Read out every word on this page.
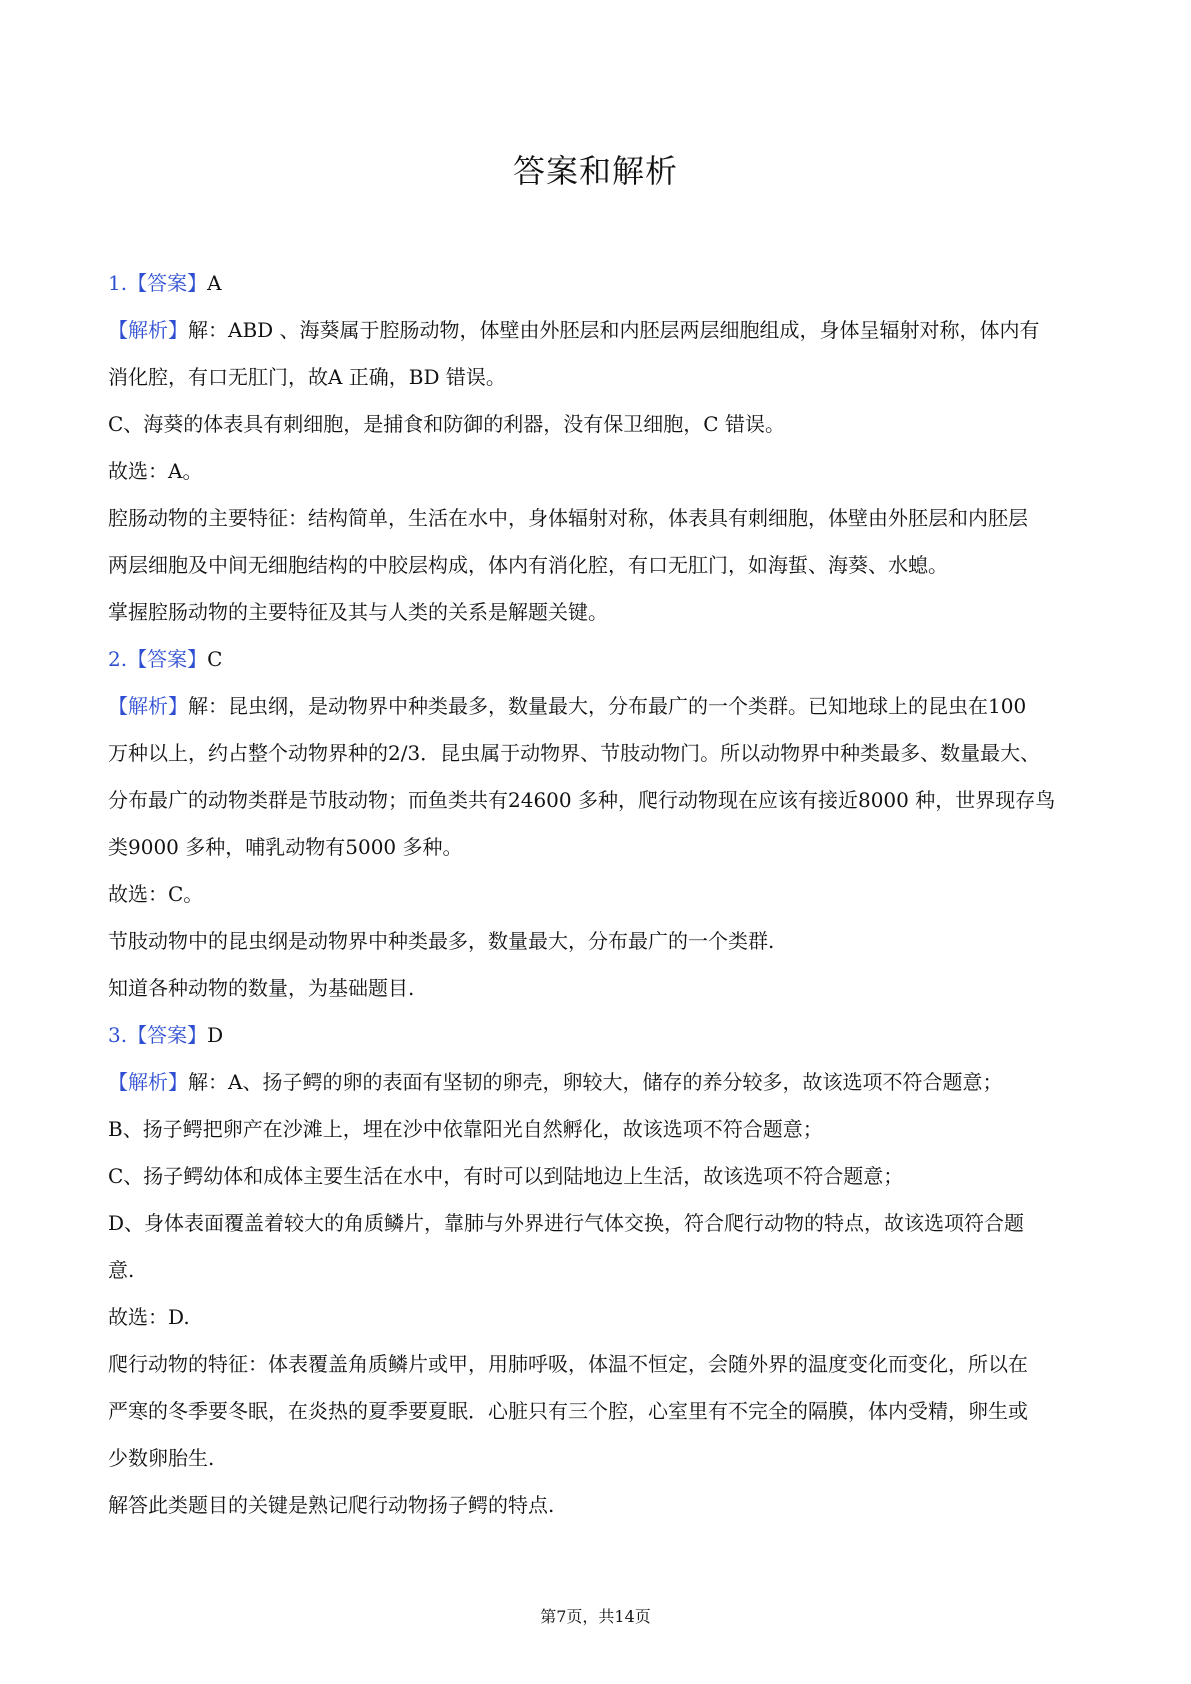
答案和解析
1.【答案】A
【解析】解：ABD 、海葵属于腔肠动物，体壁由外胚层和内胚层两层细胞组成，身体呈辐射对称，体内有
消化腔，有口无肛门，故A 正确，BD 错误。
C、海葵的体表具有刺细胞，是捕食和防御的利器，没有保卫细胞，C 错误。
故选：A。
腔肠动物的主要特征：结构简单，生活在水中，身体辐射对称，体表具有刺细胞，体壁由外胚层和内胚层
两层细胞及中间无细胞结构的中胶层构成，体内有消化腔，有口无肛门，如海蜇、海葵、水螅。
掌握腔肠动物的主要特征及其与人类的关系是解题关键。
2.【答案】C
【解析】解：昆虫纲，是动物界中种类最多，数量最大，分布最广的一个类群。已知地球上的昆虫在100
万种以上，约占整个动物界种的2/3．昆虫属于动物界、节肢动物门。所以动物界中种类最多、数量最大、
分布最广的动物类群是节肢动物；而鱼类共有24600 多种，爬行动物现在应该有接近8000 种，世界现存鸟
类9000 多种，哺乳动物有5000 多种。
故选：C。
节肢动物中的昆虫纲是动物界中种类最多，数量最大，分布最广的一个类群.
知道各种动物的数量，为基础题目.
3.【答案】D
【解析】解：A、扬子鳄的卵的表面有坚韧的卵壳，卵较大，储存的养分较多，故该选项不符合题意；
B、扬子鳄把卵产在沙滩上，埋在沙中依靠阳光自然孵化，故该选项不符合题意；
C、扬子鳄幼体和成体主要生活在水中，有时可以到陆地边上生活，故该选项不符合题意；
D、身体表面覆盖着较大的角质鳞片，靠肺与外界进行气体交换，符合爬行动物的特点，故该选项符合题
意.
故选：D.
爬行动物的特征：体表覆盖角质鳞片或甲，用肺呼吸，体温不恒定，会随外界的温度变化而变化，所以在
严寒的冬季要冬眠，在炎热的夏季要夏眠．心脏只有三个腔，心室里有不完全的隔膜，体内受精，卵生或
少数卵胎生.
解答此类题目的关键是熟记爬行动物扬子鳄的特点.
第7页，共14页
